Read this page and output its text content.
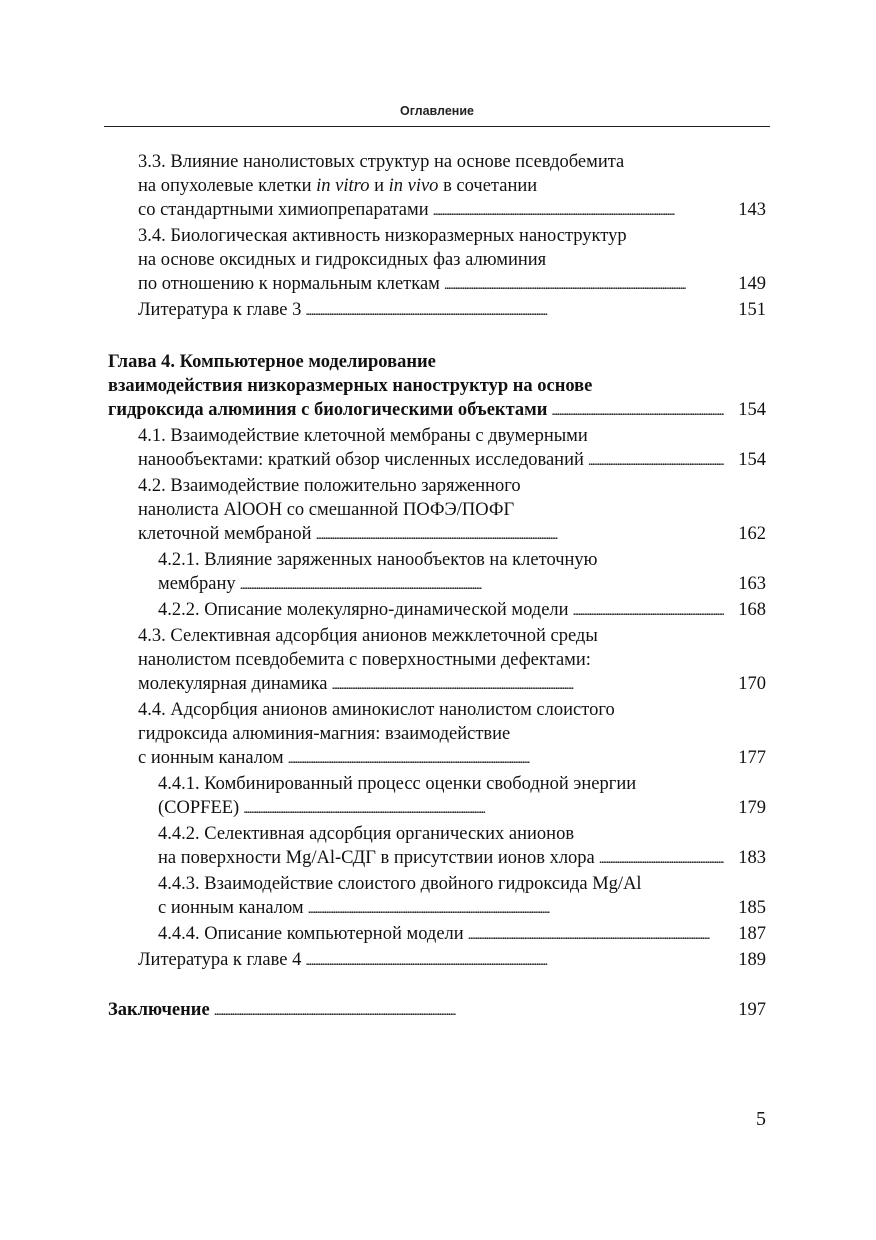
Оглавление
3.3. Влияние нанолистовых структур на основе псевдобемита
на опухолевые клетки in vitro и in vivo в сочетании
со стандартными химиопрепаратами . . .	143
3.4. Биологическая активность низкоразмерных наноструктур
на основе оксидных и гидроксидных фаз алюминия
по отношению к нормальным клеткам . . .	149
Литература к главе 3 . . .	151
Глава 4. Компьютерное моделирование
взаимодействия низкоразмерных наноструктур на основе
гидроксида алюминия с биологическими объектами . . .	154
4.1. Взаимодействие клеточной мембраны с двумерными
нанообъектами: краткий обзор численных исследований . . .	154
4.2. Взаимодействие положительно заряженного
нанолиста AlOOH со смешанной ПОФЭ/ПОФГ
клеточной мембраной . . .	162
4.2.1. Влияние заряженных нанообъектов на клеточную
мембрану . . .	163
4.2.2. Описание молекулярно-динамической модели . . .	168
4.3. Селективная адсорбция анионов межклеточной среды
нанолистом псевдобемита с поверхностными дефектами:
молекулярная динамика . . .	170
4.4. Адсорбция анионов аминокислот нанолистом слоистого
гидроксида алюминия-магния: взаимодействие
с ионным каналом . . .	177
4.4.1. Комбинированный процесс оценки свободной энергии
(COPFEE) . . .	179
4.4.2. Селективная адсорбция органических анионов
на поверхности Mg/Al-СДГ в присутствии ионов хлора . . .	183
4.4.3. Взаимодействие слоистого двойного гидроксида Mg/Al
с ионным каналом . . .	185
4.4.4. Описание компьютерной модели . . .	187
Литература к главе 4 . . .	189
Заключение . . .	197
5
